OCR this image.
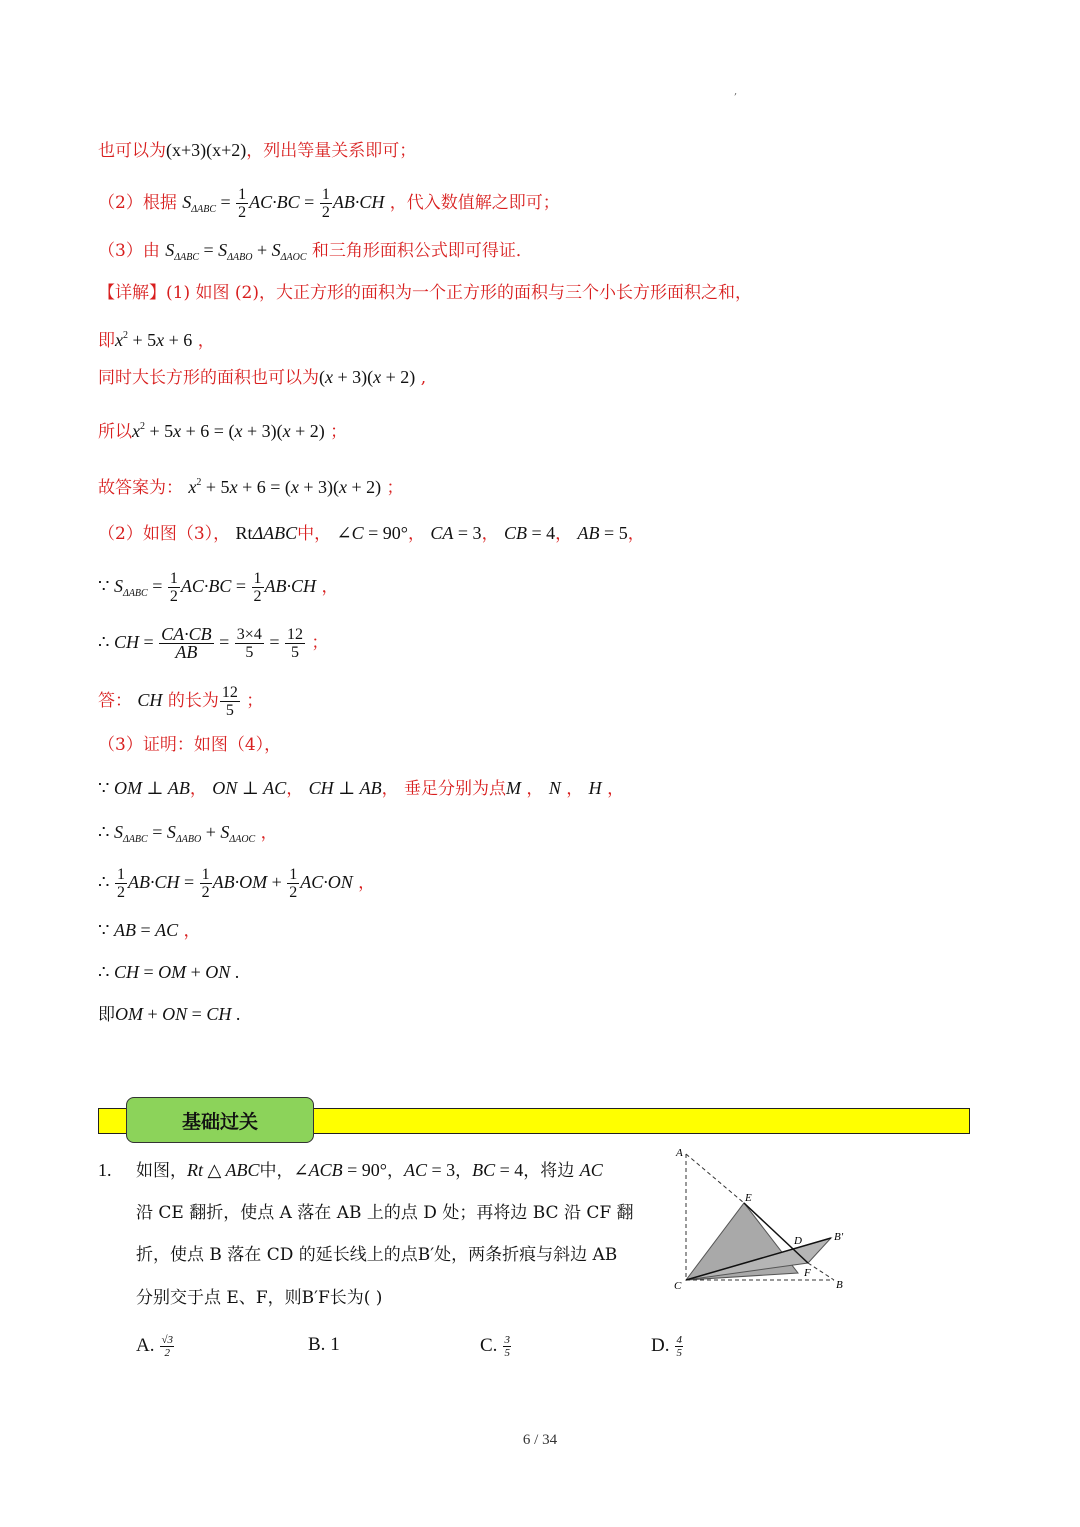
,
也可以为(x+3)(x+2)，列出等量关系即可；
（2）根据 $S_{\Delta ABC} = \frac{1}{2} AC\cdot BC = \frac{1}{2} AB\cdot CH$ ，代入数值解之即可；
（3）由 $S_{\Delta ABC} = S_{\Delta ABO} + S_{\Delta AOC}$ 和三角形面积公式即可得证．
【详解】(1) 如图 (2)，大正方形的面积为一个正方形的面积与三个小长方形面积之和，
即$x^2 + 5x + 6$ ，
同时大长方形的面积也可以为(x + 3)(x + 2) ,
所以$x^2 + 5x + 6 = (x + 3)(x + 2)$ ；
故答案为： $x^2 + 5x + 6 = (x + 3)(x + 2)$ ；
（2）如图（3）， RtΔABC中， ∠C = 90°， CA = 3， CB = 4， AB = 5，
∵ $S_{\Delta ABC} = \frac{1}{2} AC\cdot BC = \frac{1}{2} AB\cdot CH$ ，
∴ CH = $\frac{CA\cdot CB}{AB} = \frac{3\times 4}{5} = \frac{12}{5}$ ；
答： CH 的长为 $\frac{12}{5}$ ；
（3）证明：如图（4），
∵ OM ⊥ AB， ON ⊥ AC， CH ⊥ AB， 垂足分别为点M ， N ， H ，
∴ $S_{\Delta ABC} = S_{\Delta ABO} + S_{\Delta AOC}$ ，
∴ $\frac{1}{2} AB\cdot CH = \frac{1}{2} AB\cdot OM + \frac{1}{2} AC\cdot ON$ ，
∵ AB = AC ，
∴ CH = OM + ON .
即OM + ON = CH .
基础过关
1. 如图，Rt △ ABC中，∠ACB = 90°，AC = 3，BC = 4，将边 AC
沿 CE 翻折，使点 A 落在 AB 上的点 D 处；再将边 BC 沿 CF 翻
折，使点 B 落在 CD 的延长线上的点B′处，两条折痕与斜边 AB
分别交于点 E、F，则B′F长为( )
A. $\frac{√3}{2}$	B. 1	C. $\frac{3}{5}$	D. $\frac{4}{5}$
A
E
D	B′
F
B
C
6 / 34
